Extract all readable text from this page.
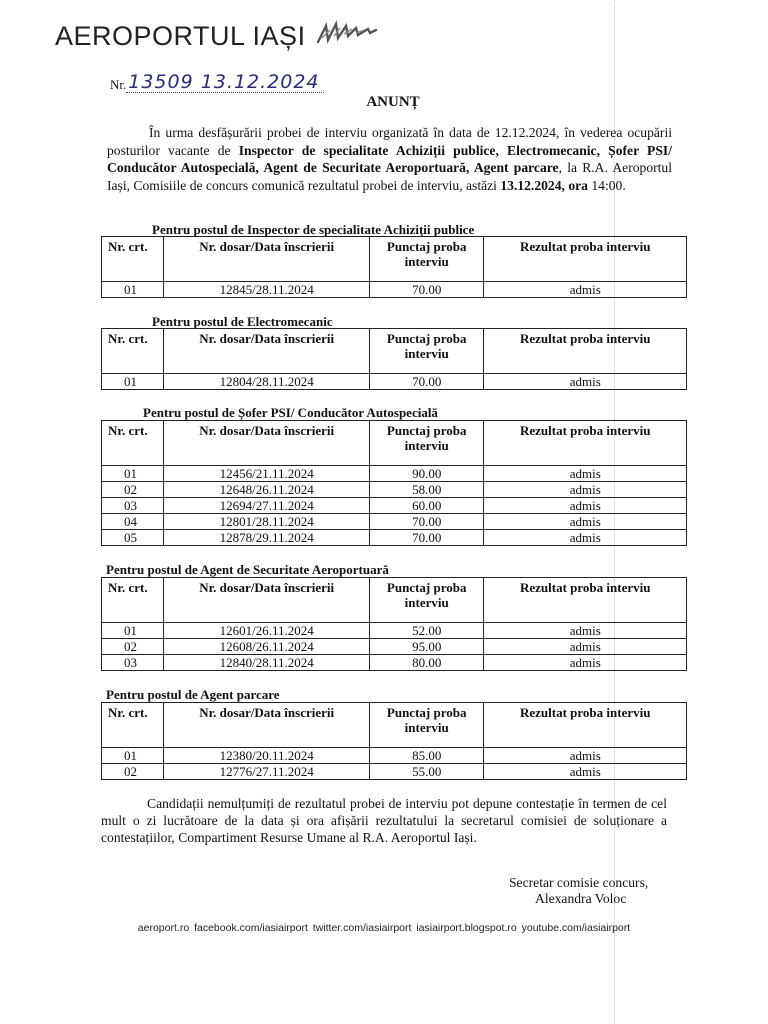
AEROPORTUL IAȘI
Nr. 13509 13.12.2024
ANUNȚ

În urma desfășurării probei de interviu organizată în data de 12.12.2024, în vederea ocupării posturilor vacante de Inspector de specialitate Achiziții publice, Electromecanic, Șofer PSI/ Conducător Autospecială, Agent de Securitate Aeroportuară, Agent parcare, la R.A. Aeroportul Iași, Comisiile de concurs comunică rezultatul probei de interviu, astăzi 13.12.2024, ora 14:00.

Pentru postul de Inspector de specialitate Achiziții publice
Nr. crt.	Nr. dosar/Data înscrierii	Punctaj proba interviu	Rezultat proba interviu
01	12845/28.11.2024	70.00	admis
Pentru postul de Electromecanic
Nr. crt.	Nr. dosar/Data înscrierii	Punctaj proba interviu	Rezultat proba interviu
01	12804/28.11.2024	70.00	admis
Pentru postul de Șofer PSI/ Conducător Autospecială
Nr. crt.	Nr. dosar/Data înscrierii	Punctaj proba interviu	Rezultat proba interviu
01	12456/21.11.2024	90.00	admis
02	12648/26.11.2024	58.00	admis
03	12694/27.11.2024	60.00	admis
04	12801/28.11.2024	70.00	admis
05	12878/29.11.2024	70.00	admis
Pentru postul de Agent de Securitate Aeroportuară
Nr. crt.	Nr. dosar/Data înscrierii	Punctaj proba interviu	Rezultat proba interviu
01	12601/26.11.2024	52.00	admis
02	12608/26.11.2024	95.00	admis
03	12840/28.11.2024	80.00	admis
Pentru postul de Agent parcare
Nr. crt.	Nr. dosar/Data înscrierii	Punctaj proba interviu	Rezultat proba interviu
01	12380/20.11.2024	85.00	admis
02	12776/27.11.2024	55.00	admis

Candidații nemulțumiți de rezultatul probei de interviu pot depune contestație în termen de cel mult o zi lucrătoare de la data și ora afișării rezultatului la secretarul comisiei de soluționare a contestațiilor, Compartiment Resurse Umane al R.A. Aeroportul Iași.

Secretar comisie concurs,
Alexandra Voloc
aeroport.ro facebook.com/iasiairport twitter.com/iasiairport iasiairport.blogspot.ro youtube.com/iasiairport
